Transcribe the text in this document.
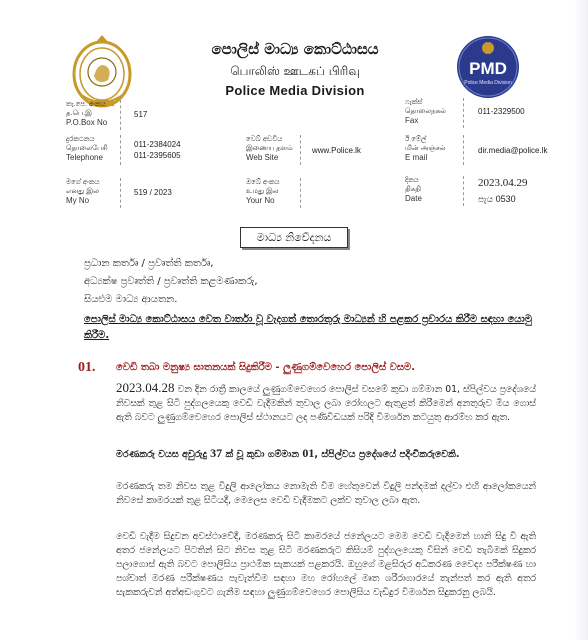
පොලිස් මාධ්‍ය කොට්ඨාසය
பொலிஸ் ஊடகப் பிரிவு
Police Media Division
PMD
Police Media Division
තැ.පෙ. අංකය
த.பெ.இ
P.O.Box No
517
දුරකථනය
தொலைபேசி
Telephone
011-2384024
011-2395605
මගේ අංකය
எனது இல
My No
519 / 2023
වෙබ් අඩවිය
இணைய தளம்
Web Site
www.Police.lk
ඔබේ අංකය
உமது இல
Your No
ෆැක්ස්
தொலைநகல்
Fax
011-2329500
ඊ මේල්
மின் அஞ்சல்
E mail
dir.media@police.lk
දිනය
திகதி
Date
2023.04.29
පැය 0530
මාධ්‍ය නිවේදනය
ප්‍රධාන කර්තෘ / ප්‍රවෘත්ති කර්තෘ,
අධ්‍යක්ෂ ප්‍රවෘත්ති / ප්‍රවෘත්ති කළමණාකරු,
සියළුම මාධ්‍ය ආයතන.
පොලිස් මාධ්‍ය කොට්ඨාසය වෙත වාර්තා වූ වැදගත් තොරතුරු මාධ්‍යන් හි පළකර ප්‍රචාරය කිරීම සඳහා යොමු කිරීම.
01. වෙඩි තබා මනුෂ්‍ය ඝාතනයක් සිදුකිරීම - ලුණුගම්වෙහෙර පොලිස් වසම.
2023.04.28 වන දින රාත්‍රී කාලයේ ලුණුගම්වෙහෙර පොලිස් වසමේ කුඩා ගම්මාන 01, ස්පිල්වය ප්‍රදේශයේ නිවසක් තුළ සිටි පුද්ගලයෙකු වෙඩි වැදීමකින් තුවාල ලබා රෝහලට ඇතුළත් කිරීමෙන් අනතුරුව මිය ගොස් ඇති බවට ලුණුගම්වෙහෙර පොලිස් ස්ථානයට ලද පණිවිඩයක් පරිදි විමර්ශන කටයුතු ආරම්භ කර ඇත.
මරණකරු වයස අවුරුදු 37 ක් වූ කුඩා ගම්මාන 01, ස්පිල්වය ප්‍රදේශයේ පදිංචිකරුවෙකි.
මරණකරු තම නිවස තුළ විදුලි ආලෝකය නොමැති වීම හේතුවෙන් විදුලි පන්දමක් දල්වා එහි ආලෝකයෙන් නිවසේ කාමරයක් තුළ සිටියදී, මෙලෙස වෙඩි වැදීමකට ලක්ව තුවාල ලබා ඇත.
වෙඩි වැදීම සිදුවන අවස්ථාවේදී, මරණකරු සිටි කාමරයේ ජනේලයට මෙම වෙඩි වැදීමෙන් හානි සිදු වී ඇති අතර ජනේලයට පිටතින් සිට නිවස තුළ සිටි මරණකරුට කිසියම් පුද්ගලයෙකු විසින් වෙඩි තැබීමක් සිදුකර පලාගොස් ඇති බවට පොලිසිය ප්‍රාථමික සැකයක් පළකරයි. ඔහුගේ මළසිරුර අධිකරණ වෛද්‍ය පරීක්ෂණ හා පශ්චාත් මරණ පරීක්ෂණය පැවැත්වීම සඳහා මහ රෝහලේ මෘත ශරීරාගාරයේ තැන්පත් කර ඇති අතර සැකකරුවන් අත්අඩංගුවට ගැනීම සඳහා ලුණුගම්වෙහෙර පොලිසිය වැඩිදුර විමර්ශන සිදුකරනු ලබයි.
